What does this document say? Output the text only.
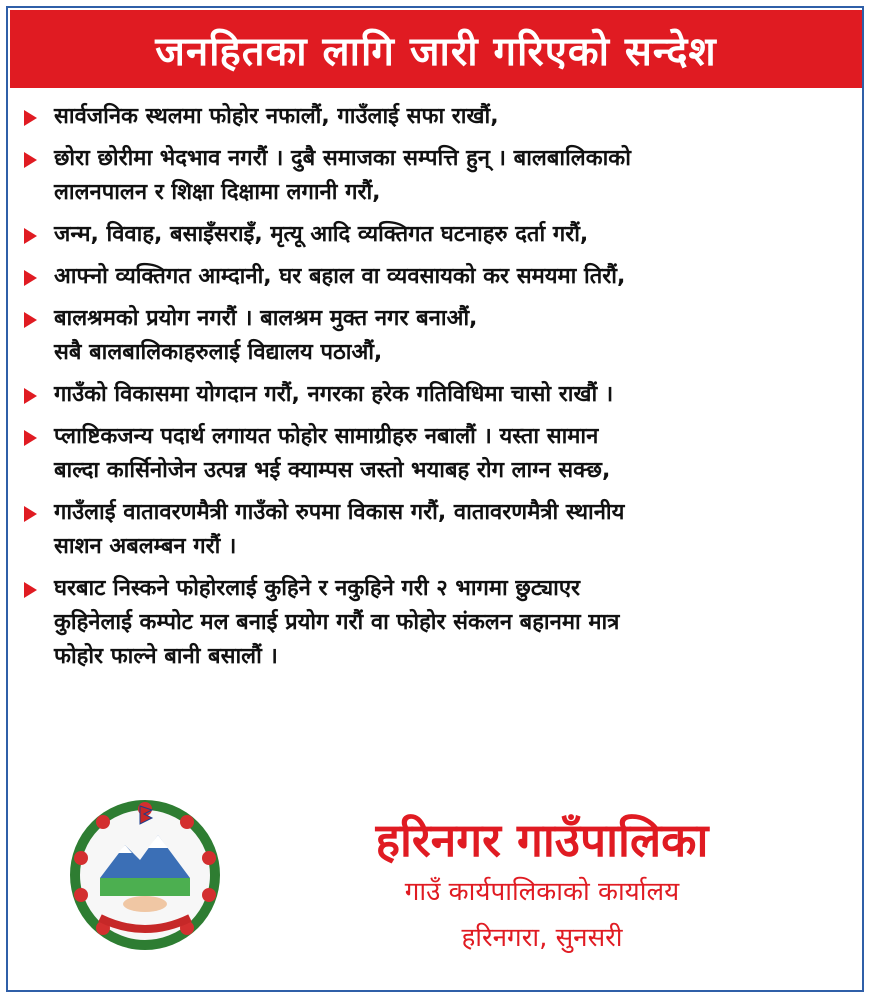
जनहितका लागि जारी गरिएको सन्देश
सार्वजनिक स्थलमा फोहोर नफालौं, गाउँलाई सफा राखौं,
छोरा छोरीमा भेदभाव नगरौं । दुबै समाजका सम्पत्ति हुन् । बालबालिकाको
लालनपालन र शिक्षा दिक्षामा लगानी गरौं,
जन्म, विवाह, बसाइँसराइँ, मृत्यू आदि व्यक्तिगत घटनाहरु दर्ता गरौं,
आफ्नो व्यक्तिगत आम्दानी, घर बहाल वा व्यवसायको कर समयमा तिरौं,
बालश्रमको प्रयोग नगरौं । बालश्रम मुक्त नगर बनाऔं,
सबै बालबालिकाहरुलाई विद्यालय पठाऔं,
गाउँको विकासमा योगदान गरौं, नगरका हरेक गतिविधिमा चासो राखौं ।
प्लाष्टिकजन्य पदार्थ लगायत फोहोर सामाग्रीहरु नबालौं । यस्ता सामान
बाल्दा कार्सिनोजेन उत्पन्न भई क्याम्पस जस्तो भयाबह रोग लाग्न सक्छ,
गाउँलाई वातावरणमैत्री गाउँको रुपमा विकास गरौं, वातावरणमैत्री स्थानीय
साशन अबलम्बन गरौं ।
घरबाट निस्कने फोहोरलाई कुहिने र नकुहिने गरी २ भागमा छुट्याएर
कुहिनेलाई कम्पोट मल बनाई प्रयोग गरौं वा फोहोर संकलन बहानमा मात्र
फोहोर फाल्ने बानी बसालौं ।
हरिनगर गाउँपालिका
गाउँ कार्यपालिकाको कार्यालय
हरिनगरा, सुनसरी
